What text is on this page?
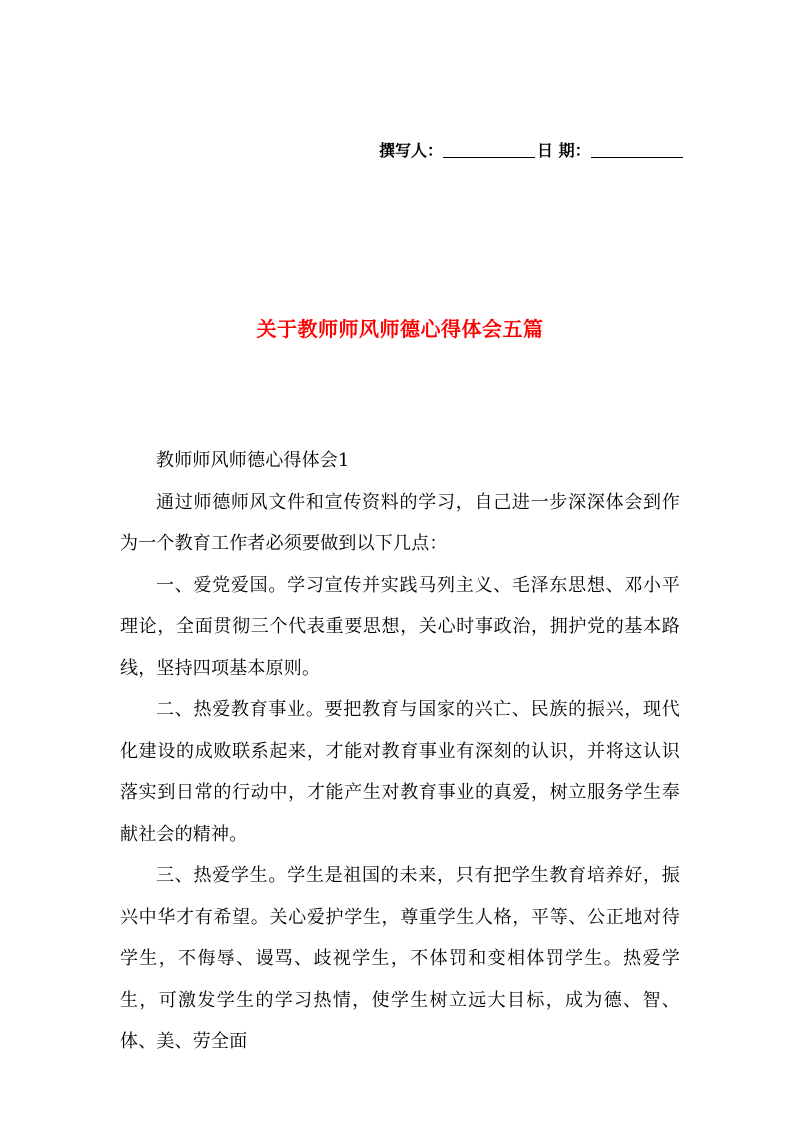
撰写人：	日 期：
关于教师师风师德心得体会五篇

教师师风师德心得体会1

通过师德师风文件和宣传资料的学习，自己进一步深深体会到作为一个教育工作者必须要做到以下几点：

一、爱党爱国。学习宣传并实践马列主义、毛泽东思想、邓小平理论，全面贯彻三个代表重要思想，关心时事政治，拥护党的基本路线，坚持四项基本原则。

二、热爱教育事业。要把教育与国家的兴亡、民族的振兴，现代化建设的成败联系起来，才能对教育事业有深刻的认识，并将这认识落实到日常的行动中，才能产生对教育事业的真爱，树立服务学生奉献社会的精神。

三、热爱学生。学生是祖国的未来，只有把学生教育培养好，振兴中华才有希望。关心爱护学生，尊重学生人格，平等、公正地对待学生，不侮辱、谩骂、歧视学生，不体罚和变相体罚学生。热爱学生，可激发学生的学习热情，使学生树立远大目标，成为德、智、体、美、劳全面
